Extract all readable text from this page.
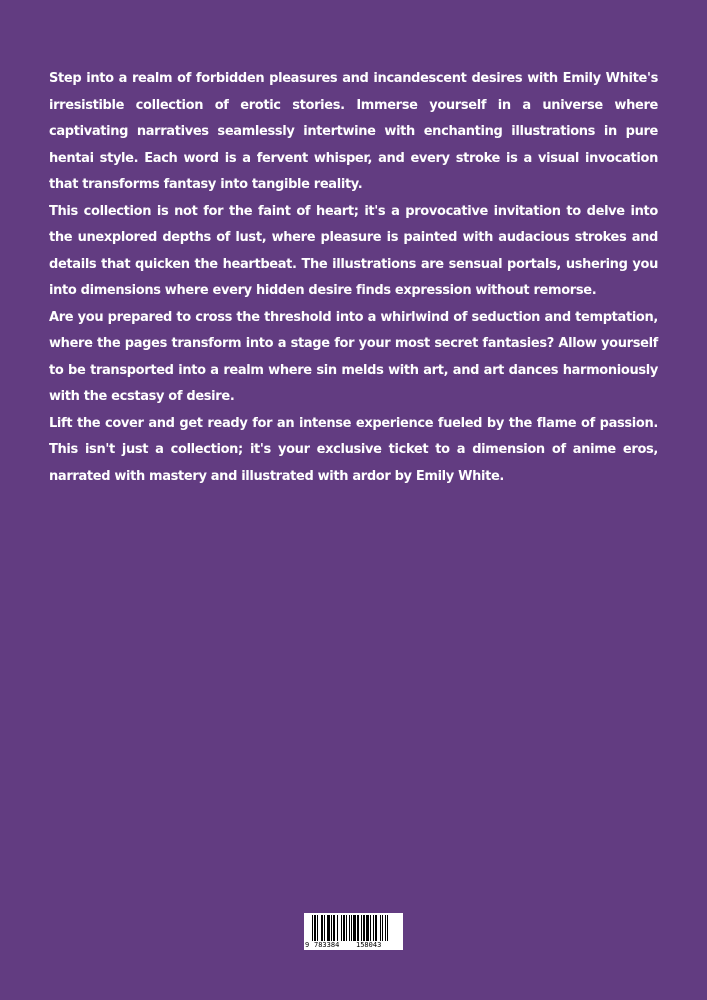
Step into a realm of forbidden pleasures and incandescent desires with Emily White's irresistible collection of erotic stories. Immerse yourself in a universe where captivating narratives seamlessly intertwine with enchanting illustrations in pure hentai style. Each word is a fervent whisper, and every stroke is a visual invocation that transforms fantasy into tangible reality.

This collection is not for the faint of heart; it's a provocative invitation to delve into the unexplored depths of lust, where pleasure is painted with audacious strokes and details that quicken the heartbeat. The illustrations are sensual portals, ushering you into dimensions where every hidden desire finds expression without remorse.

Are you prepared to cross the threshold into a whirlwind of seduction and temptation, where the pages transform into a stage for your most secret fantasies? Allow yourself to be transported into a realm where sin melds with art, and art dances harmoniously with the ecstasy of desire.

Lift the cover and get ready for an intense experience fueled by the flame of passion. This isn't just a collection; it's your exclusive ticket to a dimension of anime eros, narrated with mastery and illustrated with ardor by Emily White.

9 783384 158043
